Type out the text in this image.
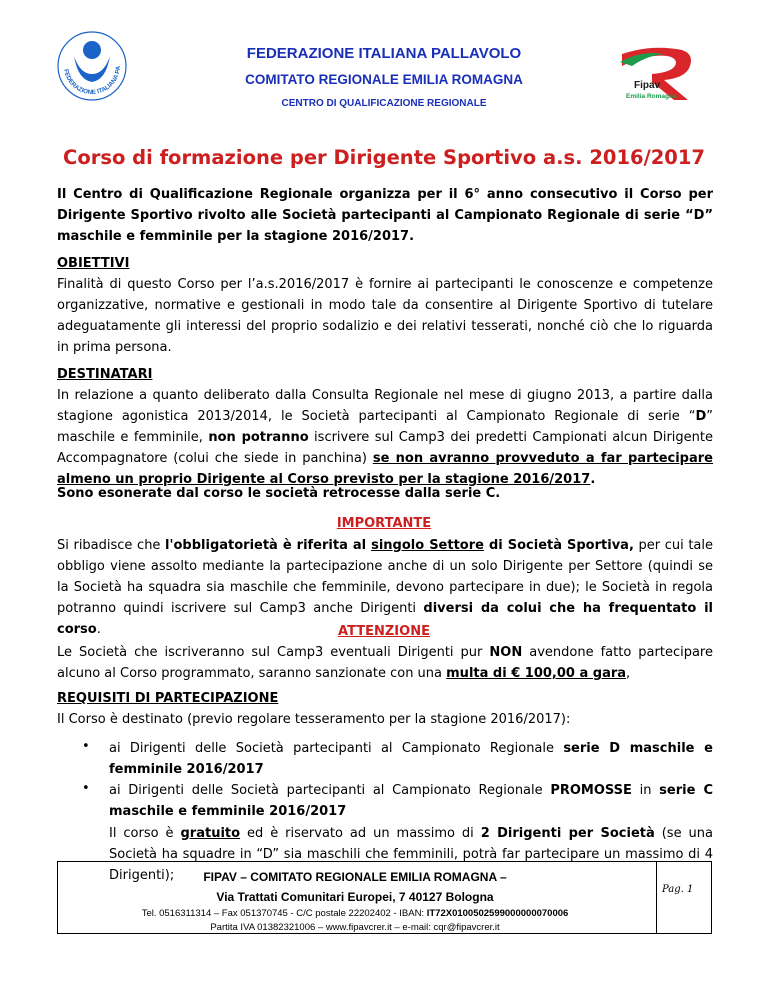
FEDERAZIONE ITALIANA PA
Fipav
Emilia Romagna
FEDERAZIONE ITALIANA PALLAVOLO
COMITATO REGIONALE EMILIA ROMAGNA
CENTRO DI QUALIFICAZIONE REGIONALE
Corso di formazione per Dirigente Sportivo a.s. 2016/2017
Il Centro di Qualificazione Regionale organizza per il 6° anno consecutivo il Corso per Dirigente Sportivo rivolto alle Società partecipanti al Campionato Regionale di serie “D” maschile e femminile per la stagione 2016/2017.
OBIETTIVI
Finalità di questo Corso per l’a.s.2016/2017 è fornire ai partecipanti le conoscenze e competenze organizzative, normative e gestionali in modo tale da consentire al Dirigente Sportivo di tutelare adeguatamente gli interessi del proprio sodalizio e dei relativi tesserati, nonché ciò che lo riguarda in prima persona.
DESTINATARI
In relazione a quanto deliberato dalla Consulta Regionale nel mese di giugno 2013, a partire dalla stagione agonistica 2013/2014, le Società partecipanti al Campionato Regionale di serie “D” maschile e femminile, non potranno iscrivere sul Camp3 dei predetti Campionati alcun Dirigente Accompagnatore (colui che siede in panchina) se non avranno provveduto a far partecipare almeno un proprio Dirigente al Corso previsto per la stagione 2016/2017.
Sono esonerate dal corso le società retrocesse dalla serie C.
IMPORTANTE
Si ribadisce che l'obbligatorietà è riferita al singolo Settore di Società Sportiva, per cui tale obbligo viene assolto mediante la partecipazione anche di un solo Dirigente per Settore (quindi se la Società ha squadra sia maschile che femminile, devono partecipare in due); le Società in regola potranno quindi iscrivere sul Camp3 anche Dirigenti diversi da colui che ha frequentato il corso.	ATTENZIONE
Le Società che iscriveranno sul Camp3 eventuali Dirigenti pur NON avendone fatto partecipare alcuno al Corso programmato, saranno sanzionate con una multa di € 100,00 a gara,
REQUISITI DI PARTECIPAZIONE
Il Corso è destinato (previo regolare tesseramento per la stagione 2016/2017):
• ai Dirigenti delle Società partecipanti al Campionato Regionale serie D maschile e femminile 2016/2017
• ai Dirigenti delle Società partecipanti al Campionato Regionale PROMOSSE in serie C maschile e femminile 2016/2017
Il corso è gratuito ed è riservato ad un massimo di 2 Dirigenti per Società (se una Società ha squadre in “D” sia maschili che femminili, potrà far partecipare un massimo di 4 Dirigenti);	FIPAV – COMITATO REGIONALE EMILIA ROMAGNA –
Via Trattati Comunitari Europei, 7 40127 Bologna
Tel. 0516311314 – Fax 051370745 - C/C postale 22202402 - IBAN: IT72X0100502599000000070006
Partita IVA 01382321006 – www.fipavcrer.it – e-mail: cqr@fipavcrer.it
Pag. 1
